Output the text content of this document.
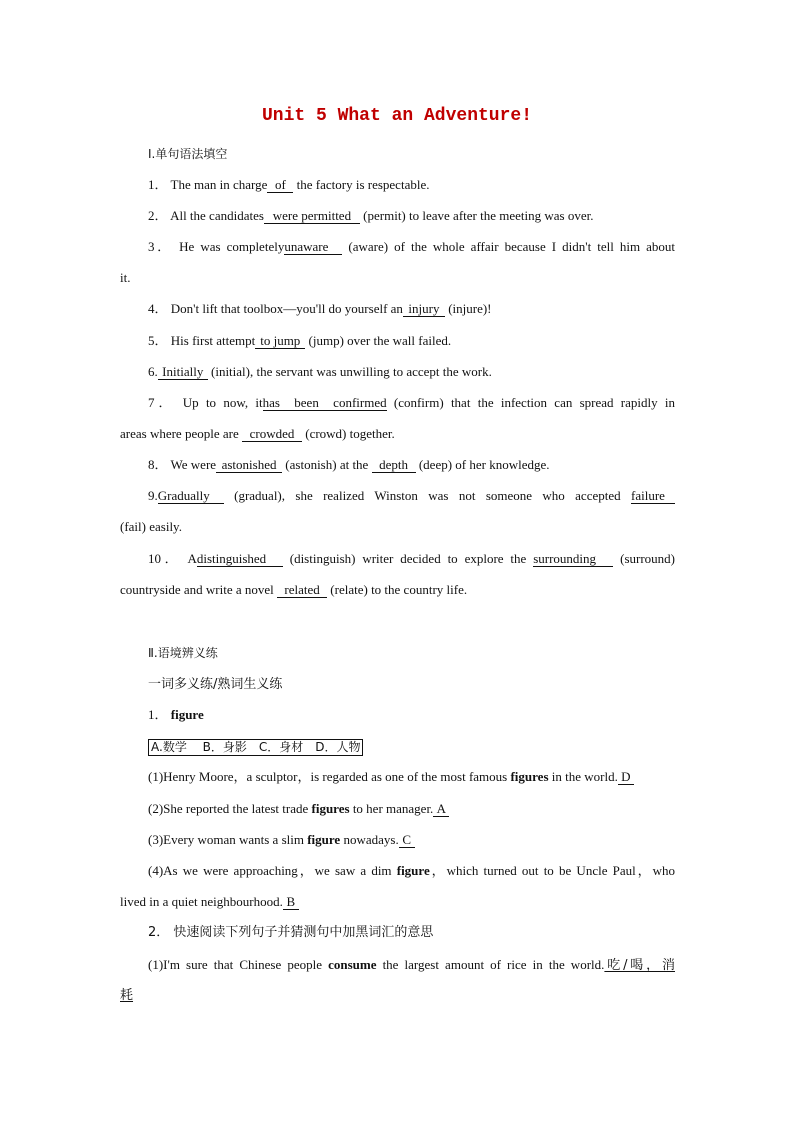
Unit 5 What an Adventure!
Ⅰ.单句语法填空
1． The man in charge of the factory is respectable.
2． All the candidates were permitted (permit) to leave after the meeting was over.
3． He was completelyunaware (aware) of the whole affair because I didn't tell him about
it.
4． Don't lift that toolbox—you'll do yourself an injury (injure)!
5． His first attempt to jump (jump) over the wall failed.
6. Initially (initial), the servant was unwilling to accept the work.
7． Up to now, ithas been confirmed (confirm) that the infection can spread rapidly in
areas where people are crowded (crowd) together.
8． We were astonished (astonish) at the depth (deep) of her knowledge.
9.Gradually (gradual), she realized Winston was not someone who accepted failure
(fail) easily.
10． Adistinguished (distinguish) writer decided to explore the surrounding (surround)
countryside and write a novel related (relate) to the country life.
Ⅱ.语境辨义练
一词多义练/熟词生义练
1． figure
A.数学　 B．身影　C．身材　D．人物
(1)Henry Moore，a sculptor，is regarded as one of the most famous figures in the world. D
(2)She reported the latest trade figures to her manager. A
(3)Every woman wants a slim figure nowadays. C
(4)As we were approaching，we saw a dim figure，which turned out to be Uncle Paul，who
lived in a quiet neighbourhood. B
2． 快速阅读下列句子并猜测句中加黑词汇的意思
(1)I'm sure that Chinese people consume the largest amount of rice in the world.吃/喝，消
耗
